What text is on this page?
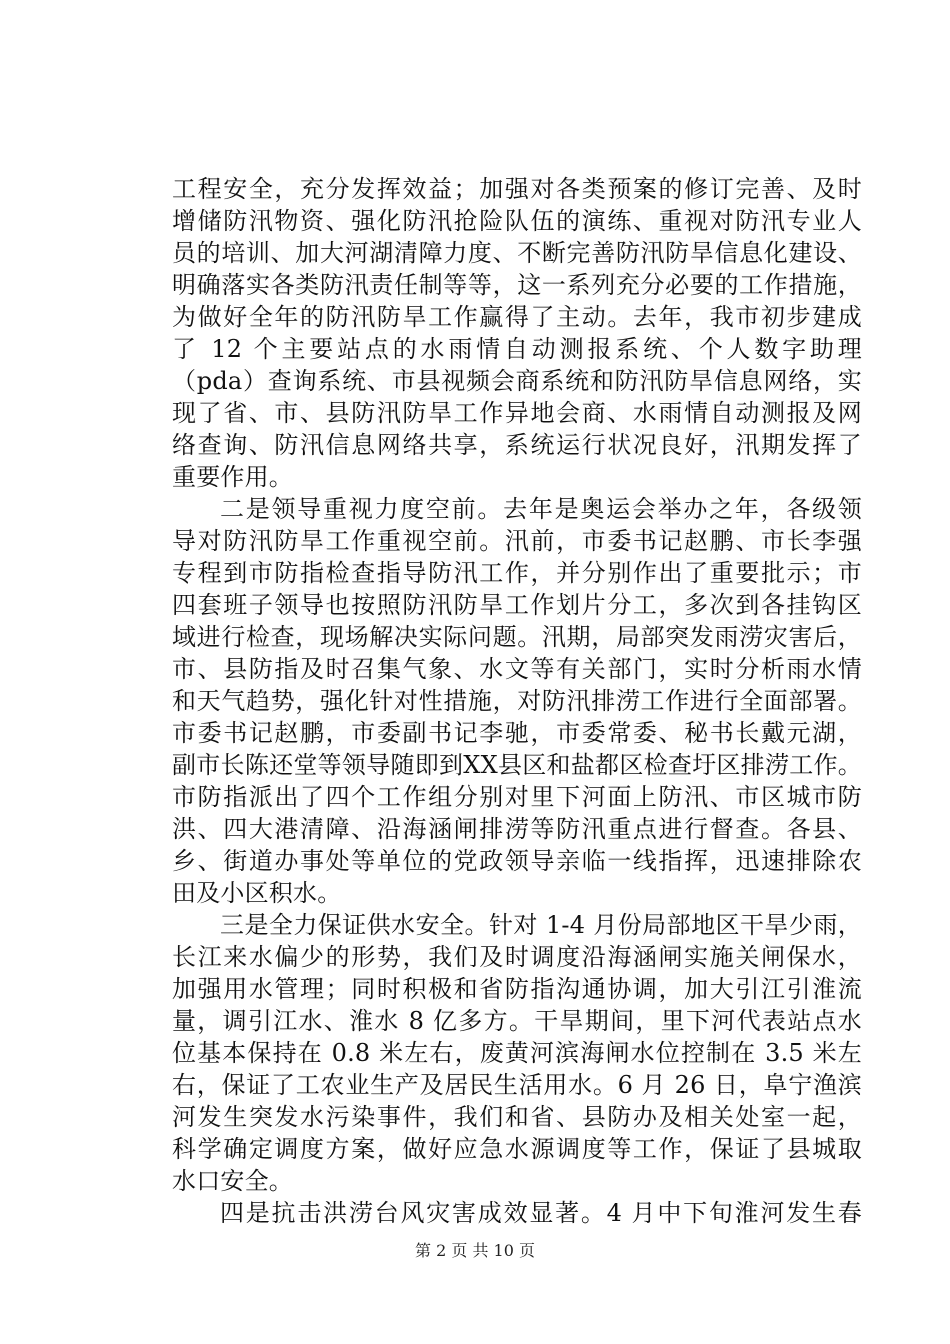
工程安全，充分发挥效益；加强对各类预案的修订完善、及时
增储防汛物资、强化防汛抢险队伍的演练、重视对防汛专业人
员的培训、加大河湖清障力度、不断完善防汛防旱信息化建设、
明确落实各类防汛责任制等等，这一系列充分必要的工作措施，
为做好全年的防汛防旱工作赢得了主动。去年，我市初步建成
了 12 个主要站点的水雨情自动测报系统、个人数字助理
（pda）查询系统、市县视频会商系统和防汛防旱信息网络，实
现了省、市、县防汛防旱工作异地会商、水雨情自动测报及网
络查询、防汛信息网络共享，系统运行状况良好，汛期发挥了
重要作用。
二是领导重视力度空前。去年是奥运会举办之年，各级领
导对防汛防旱工作重视空前。汛前，市委书记赵鹏、市长李强
专程到市防指检查指导防汛工作，并分别作出了重要批示；市
四套班子领导也按照防汛防旱工作划片分工，多次到各挂钩区
域进行检查，现场解决实际问题。汛期，局部突发雨涝灾害后，
市、县防指及时召集气象、水文等有关部门，实时分析雨水情
和天气趋势，强化针对性措施，对防汛排涝工作进行全面部署。
市委书记赵鹏，市委副书记李驰，市委常委、秘书长戴元湖，
副市长陈还堂等领导随即到XX县区和盐都区检查圩区排涝工作。
市防指派出了四个工作组分别对里下河面上防汛、市区城市防
洪、四大港清障、沿海涵闸排涝等防汛重点进行督查。各县、
乡、街道办事处等单位的党政领导亲临一线指挥，迅速排除农
田及小区积水。
三是全力保证供水安全。针对 1-4 月份局部地区干旱少雨，
长江来水偏少的形势，我们及时调度沿海涵闸实施关闸保水，
加强用水管理；同时积极和省防指沟通协调，加大引江引淮流
量，调引江水、淮水 8 亿多方。干旱期间，里下河代表站点水
位基本保持在 0.8 米左右，废黄河滨海闸水位控制在 3.5 米左
右，保证了工农业生产及居民生活用水。6 月 26 日，阜宁渔滨
河发生突发水污染事件，我们和省、县防办及相关处室一起，
科学确定调度方案，做好应急水源调度等工作，保证了县城取
水口安全。
四是抗击洪涝台风灾害成效显著。4 月中下旬淮河发生春
第 2 页 共 10 页
